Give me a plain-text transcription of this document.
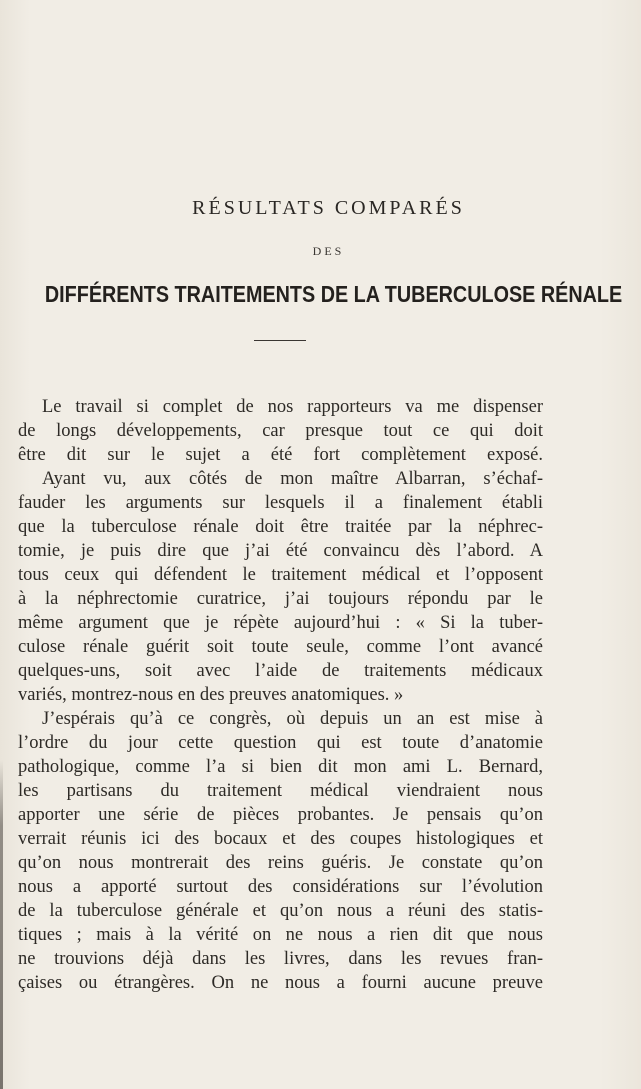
RÉSULTATS COMPARÉS
DES
DIFFÉRENTS TRAITEMENTS DE LA TUBERCULOSE RÉNALE
Le travail si complet de nos rapporteurs va me dispenser
de longs développements, car presque tout ce qui doit
être dit sur le sujet a été fort complètement exposé.
Ayant vu, aux côtés de mon maître Albarran, s’échaf-
fauder les arguments sur lesquels il a finalement établi
que la tuberculose rénale doit être traitée par la néphrec-
tomie, je puis dire que j’ai été convaincu dès l’abord. A
tous ceux qui défendent le traitement médical et l’opposent
à la néphrectomie curatrice, j’ai toujours répondu par le
même argument que je répète aujourd’hui : « Si la tuber-
culose rénale guérit soit toute seule, comme l’ont avancé
quelques-uns, soit avec l’aide de traitements médicaux
variés, montrez-nous en des preuves anatomiques. »
J’espérais qu’à ce congrès, où depuis un an est mise à
l’ordre du jour cette question qui est toute d’anatomie
pathologique, comme l’a si bien dit mon ami L. Bernard,
les partisans du traitement médical viendraient nous
apporter une série de pièces probantes. Je pensais qu’on
verrait réunis ici des bocaux et des coupes histologiques et
qu’on nous montrerait des reins guéris. Je constate qu’on
nous a apporté surtout des considérations sur l’évolution
de la tuberculose générale et qu’on nous a réuni des statis-
tiques ; mais à la vérité on ne nous a rien dit que nous
ne trouvions déjà dans les livres, dans les revues fran-
çaises ou étrangères. On ne nous a fourni aucune preuve
